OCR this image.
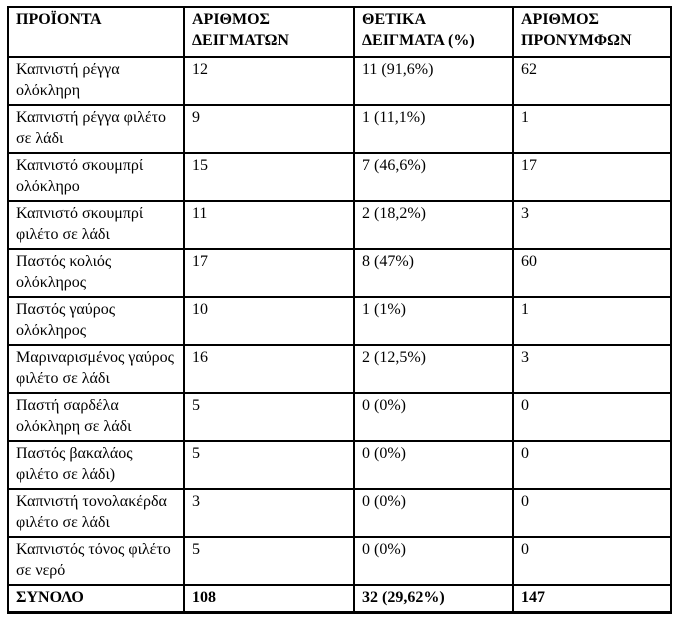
ΠΡΟΪΟΝΤΑ	ΑΡΙΘΜΟΣ ΔΕΙΓΜΑΤΩΝ	ΘΕΤΙΚΑ ΔΕΙΓΜΑΤΑ (%)	ΑΡΙΘΜΟΣ ΠΡΟΝΥΜΦΩΝ
Καπνιστή ρέγγα ολόκληρη	12	11 (91,6%)	62
Καπνιστή ρέγγα φιλέτο σε λάδι	9	1 (11,1%)	1
Καπνιστό σκουμπρί ολόκληρο	15	7 (46,6%)	17
Καπνιστό σκουμπρί φιλέτο σε λάδι	11	2 (18,2%)	3
Παστός κολιός ολόκληρος	17	8 (47%)	60
Παστός γαύρος ολόκληρος	10	1 (1%)	1
Μαριναρισμένος γαύρος φιλέτο σε λάδι	16	2 (12,5%)	3
Παστή σαρδέλα ολόκληρη σε λάδι	5	0 (0%)	0
Παστός βακαλάος φιλέτο σε λάδι)	5	0 (0%)	0
Καπνιστή τονολακέρδα φιλέτο σε λάδι	3	0 (0%)	0
Καπνιστός τόνος φιλέτο σε νερό	5	0 (0%)	0
ΣΥΝΟΛΟ	108	32 (29,62%)	147
